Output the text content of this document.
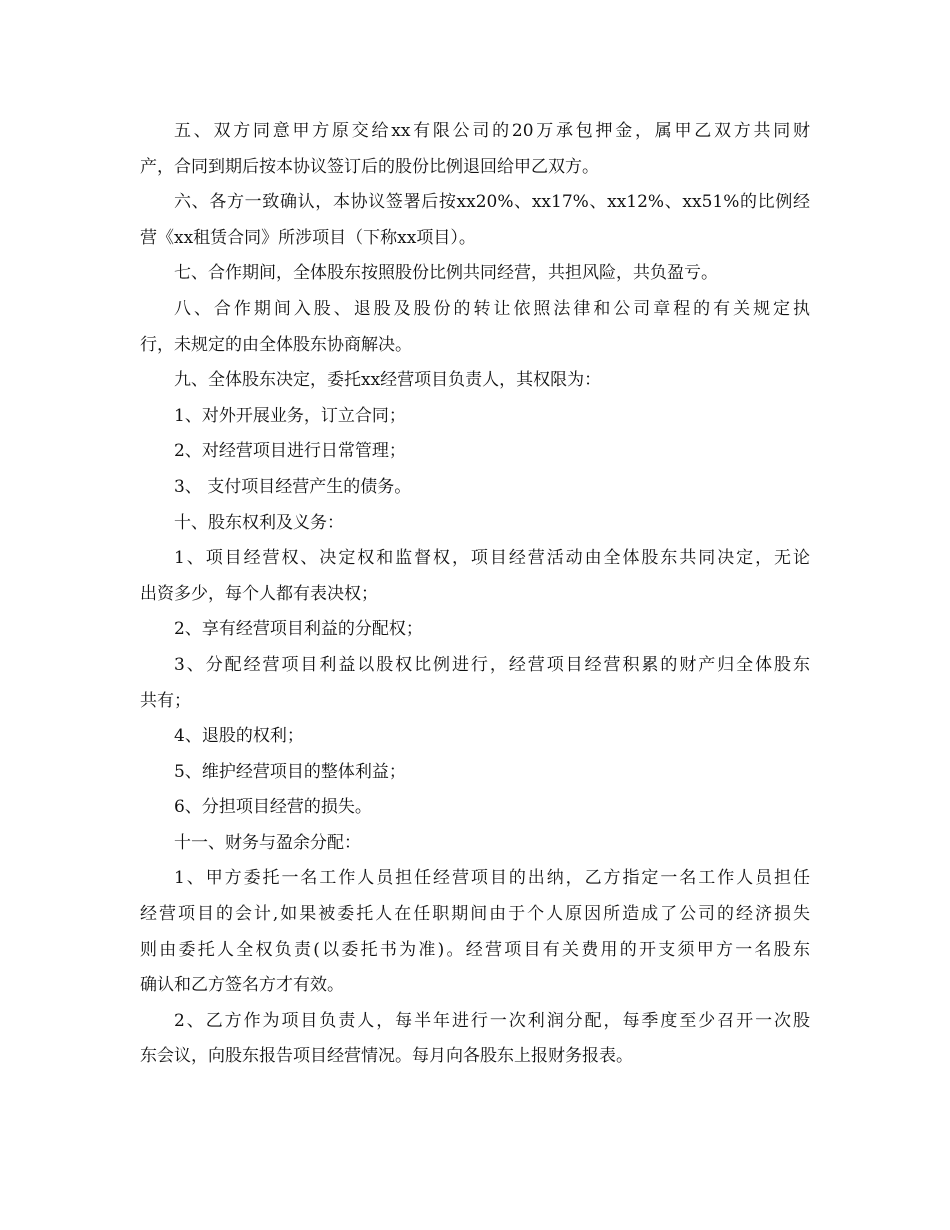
五、双方同意甲方原交给xx有限公司的20万承包押金，属甲乙双方共同财
产，合同到期后按本协议签订后的股份比例退回给甲乙双方。
六、各方一致确认，本协议签署后按xx20%、xx17%、xx12%、xx51%的比例经
营《xx租赁合同》所涉项目（下称xx项目）。
七、合作期间，全体股东按照股份比例共同经营，共担风险，共负盈亏。
八、合作期间入股、退股及股份的转让依照法律和公司章程的有关规定执
行，未规定的由全体股东协商解决。
九、全体股东决定，委托xx经营项目负责人，其权限为：
1、对外开展业务，订立合同；
2、对经营项目进行日常管理；
3、 支付项目经营产生的债务。
十、股东权利及义务：
1、项目经营权、决定权和监督权，项目经营活动由全体股东共同决定，无论
出资多少，每个人都有表决权；
2、享有经营项目利益的分配权；
3、分配经营项目利益以股权比例进行，经营项目经营积累的财产归全体股东
共有；
4、退股的权利；
5、维护经营项目的整体利益；
6、分担项目经营的损失。
十一、财务与盈余分配：
1、甲方委托一名工作人员担任经营项目的出纳，乙方指定一名工作人员担任
经营项目的会计,如果被委托人在任职期间由于个人原因所造成了公司的经济损失
则由委托人全权负责(以委托书为准)。经营项目有关费用的开支须甲方一名股东
确认和乙方签名方才有效。
2、乙方作为项目负责人，每半年进行一次利润分配，每季度至少召开一次股
东会议，向股东报告项目经营情况。每月向各股东上报财务报表。
